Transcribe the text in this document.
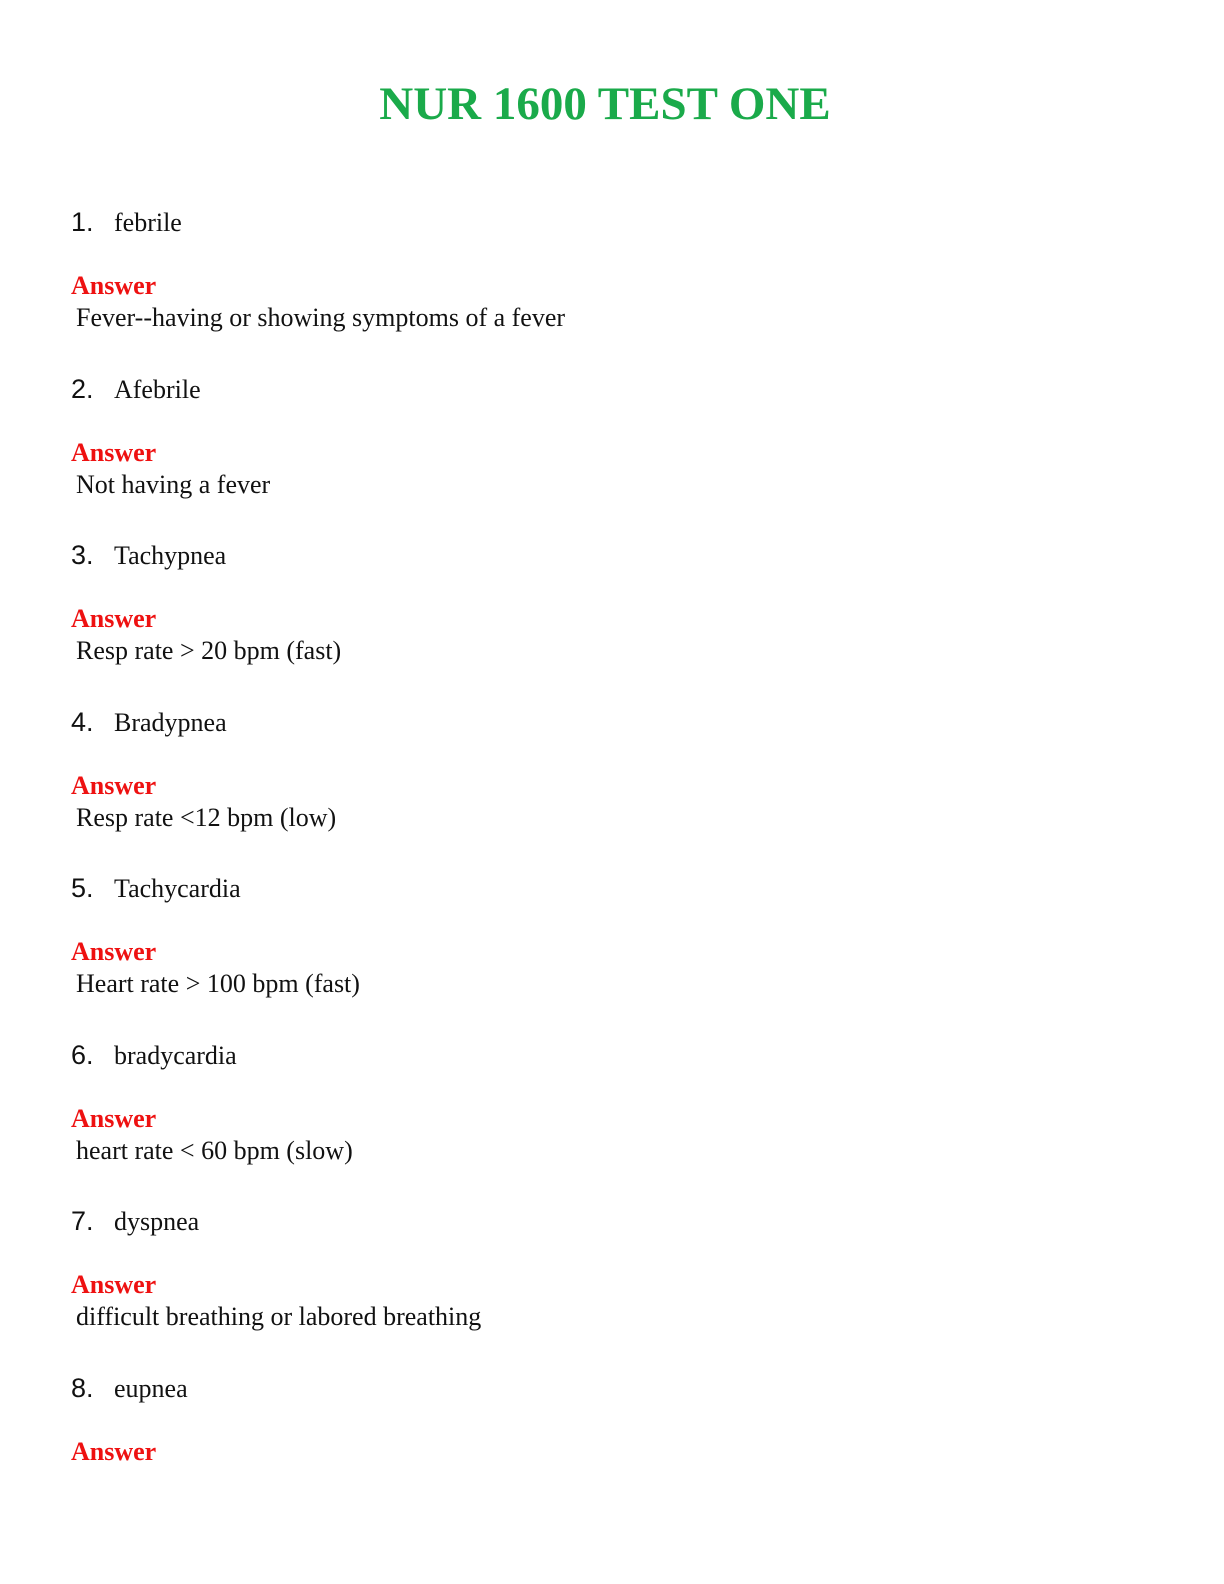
NUR 1600 TEST ONE
1. febrile
Answer
Fever--having or showing symptoms of a fever
2. Afebrile
Answer
Not having a fever
3. Tachypnea
Answer
Resp rate > 20 bpm (fast)
4. Bradypnea
Answer
Resp rate <12 bpm (low)
5. Tachycardia
Answer
Heart rate > 100 bpm (fast)
6. bradycardia
Answer
heart rate < 60 bpm (slow)
7. dyspnea
Answer
difficult breathing or labored breathing
8. eupnea
Answer
